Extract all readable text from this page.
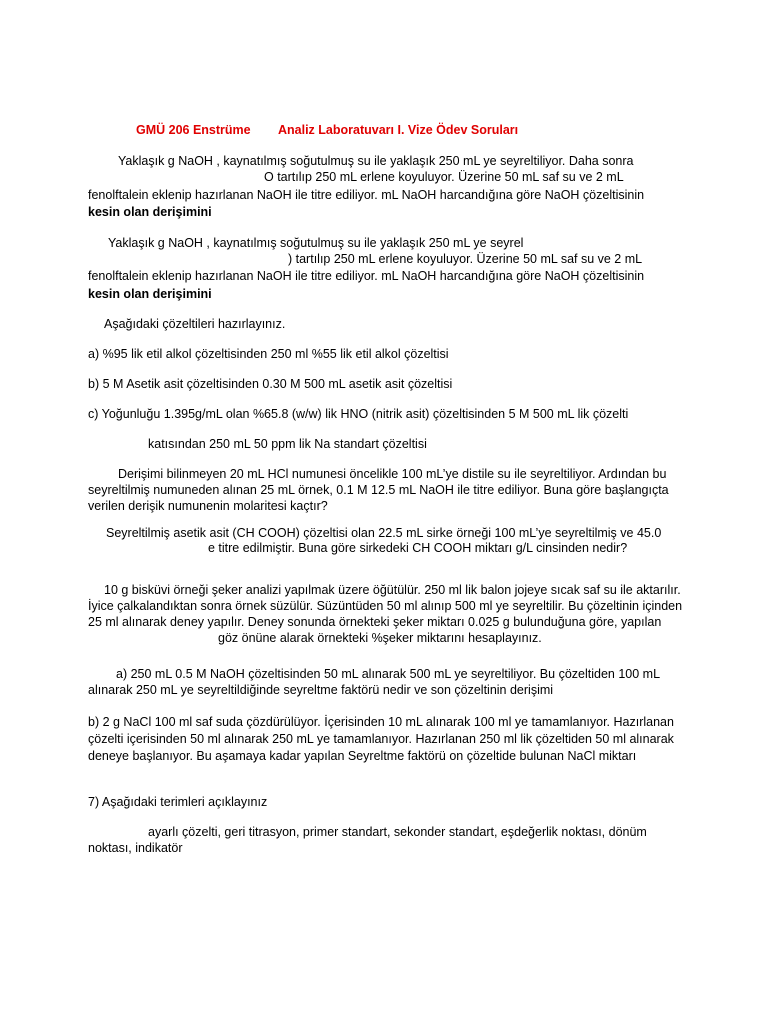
GMÜ 206 Enstrüme Analiz Laboratuvarı I. Vize Ödev Soruları
Yaklaşık g NaOH , kaynatılmış soğutulmuş su ile yaklaşık 250 mL ye seyreltiliyor. Daha sonra
O tartılıp 250 mL erlene koyuluyor. Üzerine 50 mL saf su ve 2 mL
fenolftalein eklenip hazırlanan NaOH ile titre ediliyor. mL NaOH harcandığına göre NaOH çözeltisinin
kesin olan derişimini
Yaklaşık g NaOH , kaynatılmış soğutulmuş su ile yaklaşık 250 mL ye seyrel
) tartılıp 250 mL erlene koyuluyor. Üzerine 50 mL saf su ve 2 mL
fenolftalein eklenip hazırlanan NaOH ile titre ediliyor. mL NaOH harcandığına göre NaOH çözeltisinin
kesin olan derişimini
Aşağıdaki çözeltileri hazırlayınız.
a) %95 lik etil alkol çözeltisinden 250 ml %55 lik etil alkol çözeltisi
b) 5 M Asetik asit çözeltisinden 0.30 M 500 mL asetik asit çözeltisi
c) Yoğunluğu 1.395g/mL olan %65.8 (w/w) lik HNO (nitrik asit) çözeltisinden 5 M 500 mL lik çözelti
katısından 250 mL 50 ppm lik Na standart çözeltisi
Derişimi bilinmeyen 20 mL HCl numunesi öncelikle 100 mL’ye distile su ile seyreltiliyor. Ardından bu
seyreltilmiş numuneden alınan 25 mL örnek, 0.1 M 12.5 mL NaOH ile titre ediliyor. Buna göre başlangıçta
verilen derişik numunenin molaritesi kaçtır?
Seyreltilmiş asetik asit (CH COOH) çözeltisi olan 22.5 mL sirke örneği 100 mL’ye seyreltilmiş ve 45.0
e titre edilmiştir. Buna göre sirkedeki CH COOH miktarı g/L cinsinden nedir?
10 g bisküvi örneği şeker analizi yapılmak üzere öğütülür. 250 ml lik balon jojeye sıcak saf su ile aktarılır.
İyice çalkalandıktan sonra örnek süzülür. Süzüntüden 50 ml alınıp 500 ml ye seyreltilir. Bu çözeltinin içinden
25 ml alınarak deney yapılır. Deney sonunda örnekteki şeker miktarı 0.025 g bulunduğuna göre, yapılan
göz önüne alarak örnekteki %şeker miktarını hesaplayınız.
a) 250 mL 0.5 M NaOH çözeltisinden 50 mL alınarak 500 mL ye seyreltiliyor. Bu çözeltiden 100 mL
alınarak 250 mL ye seyreltildiğinde seyreltme faktörü nedir ve son çözeltinin derişimi
b) 2 g NaCl 100 ml saf suda çözdürülüyor. İçerisinden 10 mL alınarak 100 ml ye tamamlanıyor. Hazırlanan
çözelti içerisinden 50 ml alınarak 250 mL ye tamamlanıyor. Hazırlanan 250 ml lik çözeltiden 50 ml alınarak
deneye başlanıyor. Bu aşamaya kadar yapılan Seyreltme faktörü on çözeltide bulunan NaCl miktarı
7) Aşağıdaki terimleri açıklayınız
ayarlı çözelti, geri titrasyon, primer standart, sekonder standart, eşdeğerlik noktası, dönüm
noktası, indikatör
